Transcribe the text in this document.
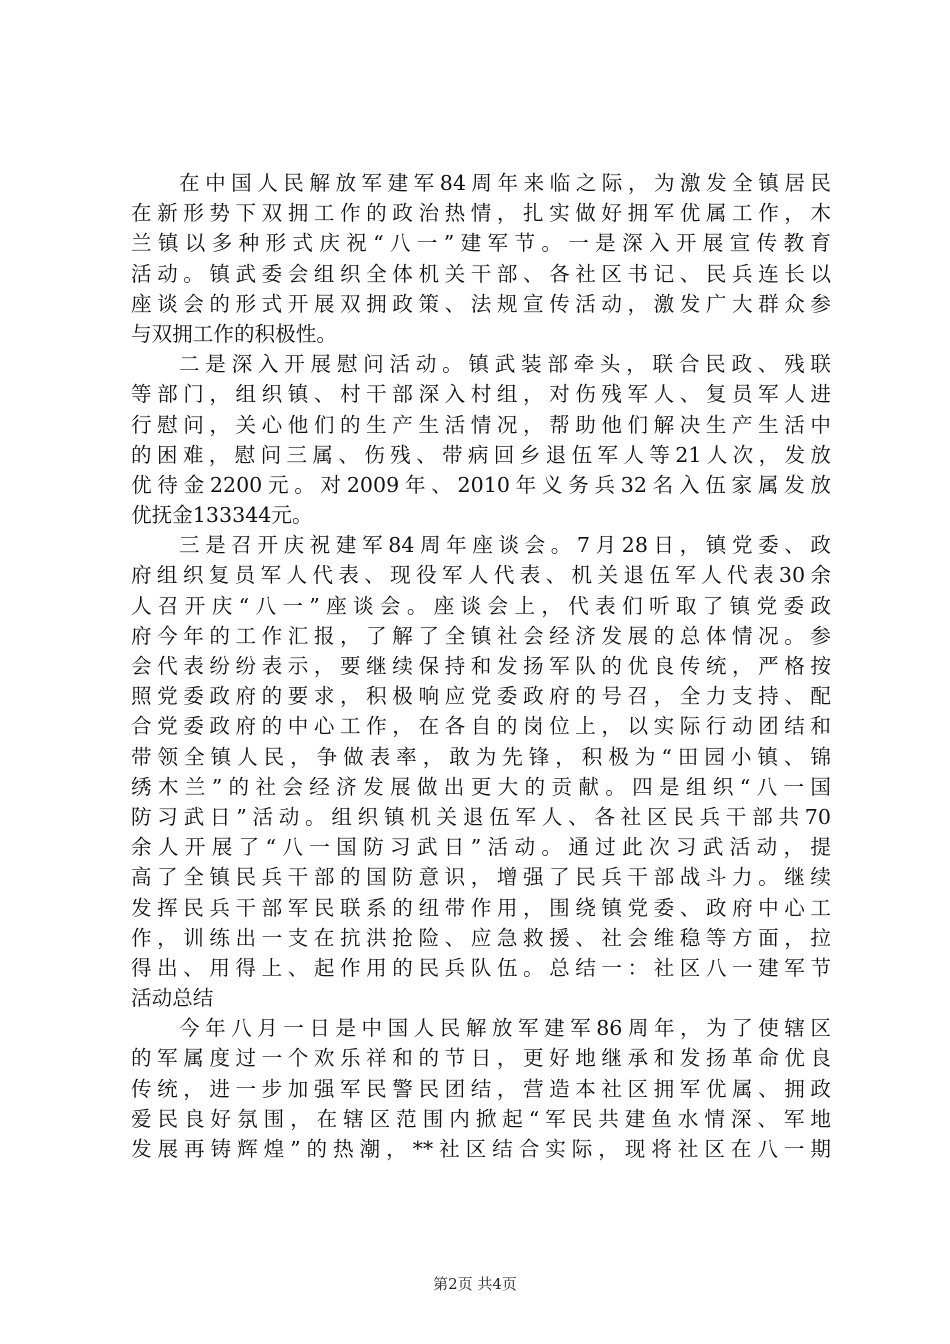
在中国人民解放军建军84周年来临之际，为激发全镇居民
在新形势下双拥工作的政治热情，扎实做好拥军优属工作，木
兰镇以多种形式庆祝“八一”建军节。一是深入开展宣传教育
活动。镇武委会组织全体机关干部、各社区书记、民兵连长以
座谈会的形式开展双拥政策、法规宣传活动，激发广大群众参
与双拥工作的积极性。
二是深入开展慰问活动。镇武装部牵头，联合民政、残联
等部门，组织镇、村干部深入村组，对伤残军人、复员军人进
行慰问，关心他们的生产生活情况，帮助他们解决生产生活中
的困难，慰问三属、伤残、带病回乡退伍军人等21人次，发放
优待金2200元。对2009年、2010年义务兵32名入伍家属发放
优抚金133344元。
三是召开庆祝建军84周年座谈会。7月28日，镇党委、政
府组织复员军人代表、现役军人代表、机关退伍军人代表30余
人召开庆“八一”座谈会。座谈会上，代表们听取了镇党委政
府今年的工作汇报，了解了全镇社会经济发展的总体情况。参
会代表纷纷表示，要继续保持和发扬军队的优良传统，严格按
照党委政府的要求，积极响应党委政府的号召，全力支持、配
合党委政府的中心工作，在各自的岗位上，以实际行动团结和
带领全镇人民，争做表率，敢为先锋，积极为“田园小镇、锦
绣木兰”的社会经济发展做出更大的贡献。四是组织“八一国
防习武日”活动。组织镇机关退伍军人、各社区民兵干部共70
余人开展了“八一国防习武日”活动。通过此次习武活动，提
高了全镇民兵干部的国防意识，增强了民兵干部战斗力。继续
发挥民兵干部军民联系的纽带作用，围绕镇党委、政府中心工
作，训练出一支在抗洪抢险、应急救援、社会维稳等方面，拉
得出、用得上、起作用的民兵队伍。总结一：社区八一建军节
活动总结
今年八月一日是中国人民解放军建军86周年，为了使辖区
的军属度过一个欢乐祥和的节日，更好地继承和发扬革命优良
传统，进一步加强军民警民团结，营造本社区拥军优属、拥政
爱民良好氛围，在辖区范围内掀起“军民共建鱼水情深、军地
发展再铸辉煌”的热潮，**社区结合实际，现将社区在八一期
第2页 共4页
